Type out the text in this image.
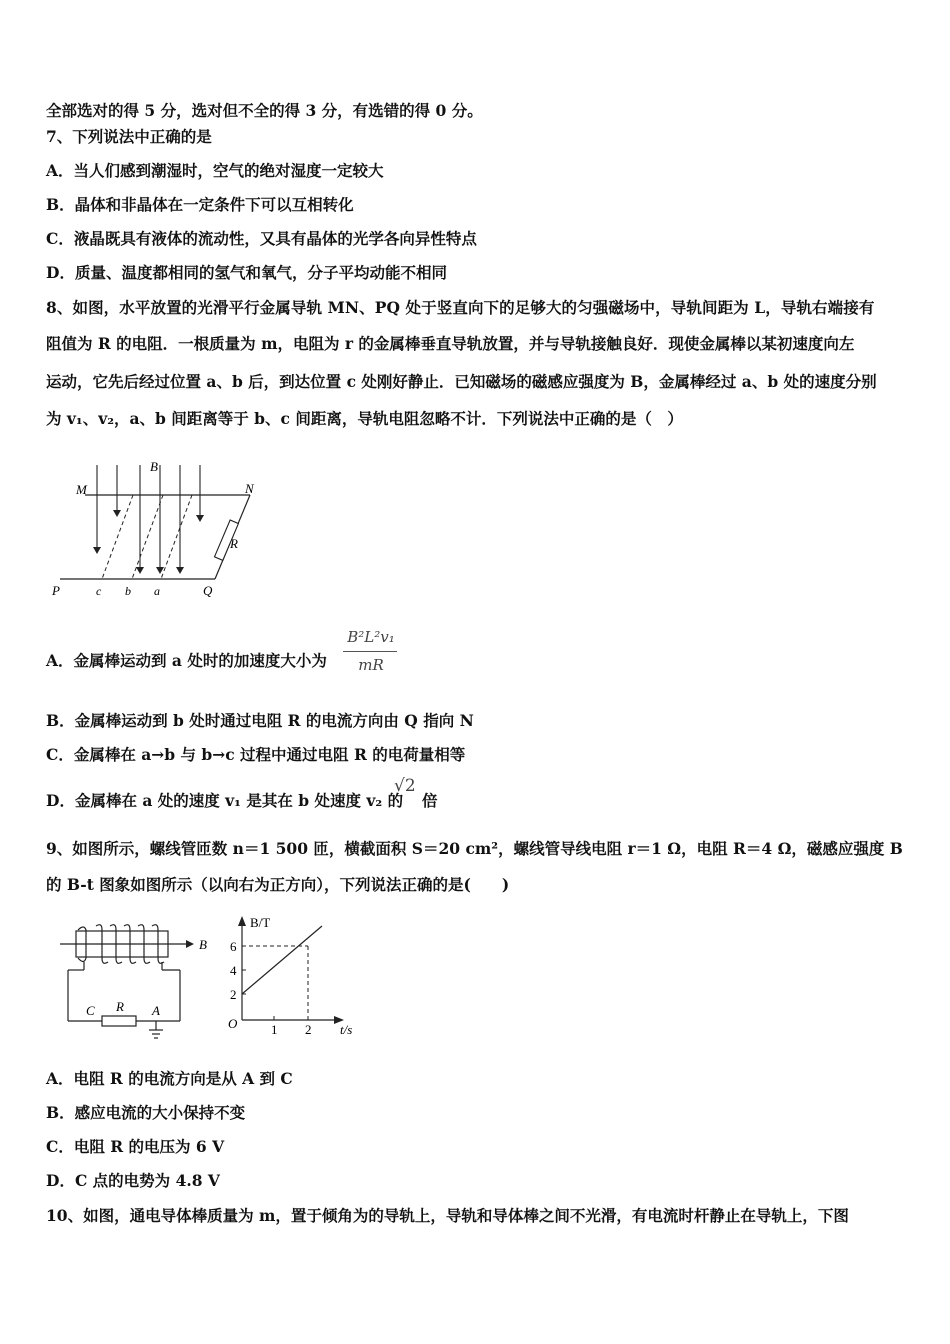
全部选对的得 5 分，选对但不全的得 3 分，有选错的得 0 分。
7、下列说法中正确的是
A．当人们感到潮湿时，空气的绝对湿度一定较大
B．晶体和非晶体在一定条件下可以互相转化
C．液晶既具有液体的流动性，又具有晶体的光学各向异性特点
D．质量、温度都相同的氢气和氧气，分子平均动能不相同
8、如图，水平放置的光滑平行金属导轨 MN、PQ 处于竖直向下的足够大的匀强磁场中，导轨间距为 L，导轨右端接有
阻值为 R 的电阻．一根质量为 m，电阻为 r 的金属棒垂直导轨放置，并与导轨接触良好．现使金属棒以某初速度向左
运动，它先后经过位置 a、b 后，到达位置 c 处刚好静止．已知磁场的磁感应强度为 B，金属棒经过 a、b 处的速度分别
为 v₁、v₂，a、b 间距离等于 b、c 间距离，导轨电阻忽略不计．下列说法中正确的是（　）
M	N
B
R
P	Q
c b a
A．金属棒运动到 a 处时的加速度大小为
B²L²v₁
mR
B．金属棒运动到 b 处时通过电阻 R 的电流方向由 Q 指向 N
C．金属棒在 a→b 与 b→c 过程中通过电阻 R 的电荷量相等
D．金属棒在 a 处的速度 v₁ 是其在 b 处速度 v₂ 的
√2
倍
9、如图所示，螺线管匝数 n＝1 500 匝，横截面积 S＝20 cm²，螺线管导线电阻 r＝1 Ω，电阻 R＝4 Ω，磁感应强度 B
的 B-t 图象如图所示（以向右为正方向），下列说法正确的是(　　)
B
C R A
B/T
t/s
O
2
4
6
1 2
A．电阻 R 的电流方向是从 A 到 C
B．感应电流的大小保持不变
C．电阻 R 的电压为 6 V
D．C 点的电势为 4.8 V
10、如图，通电导体棒质量为 m，置于倾角为的导轨上，导轨和导体棒之间不光滑，有电流时杆静止在导轨上，下图
